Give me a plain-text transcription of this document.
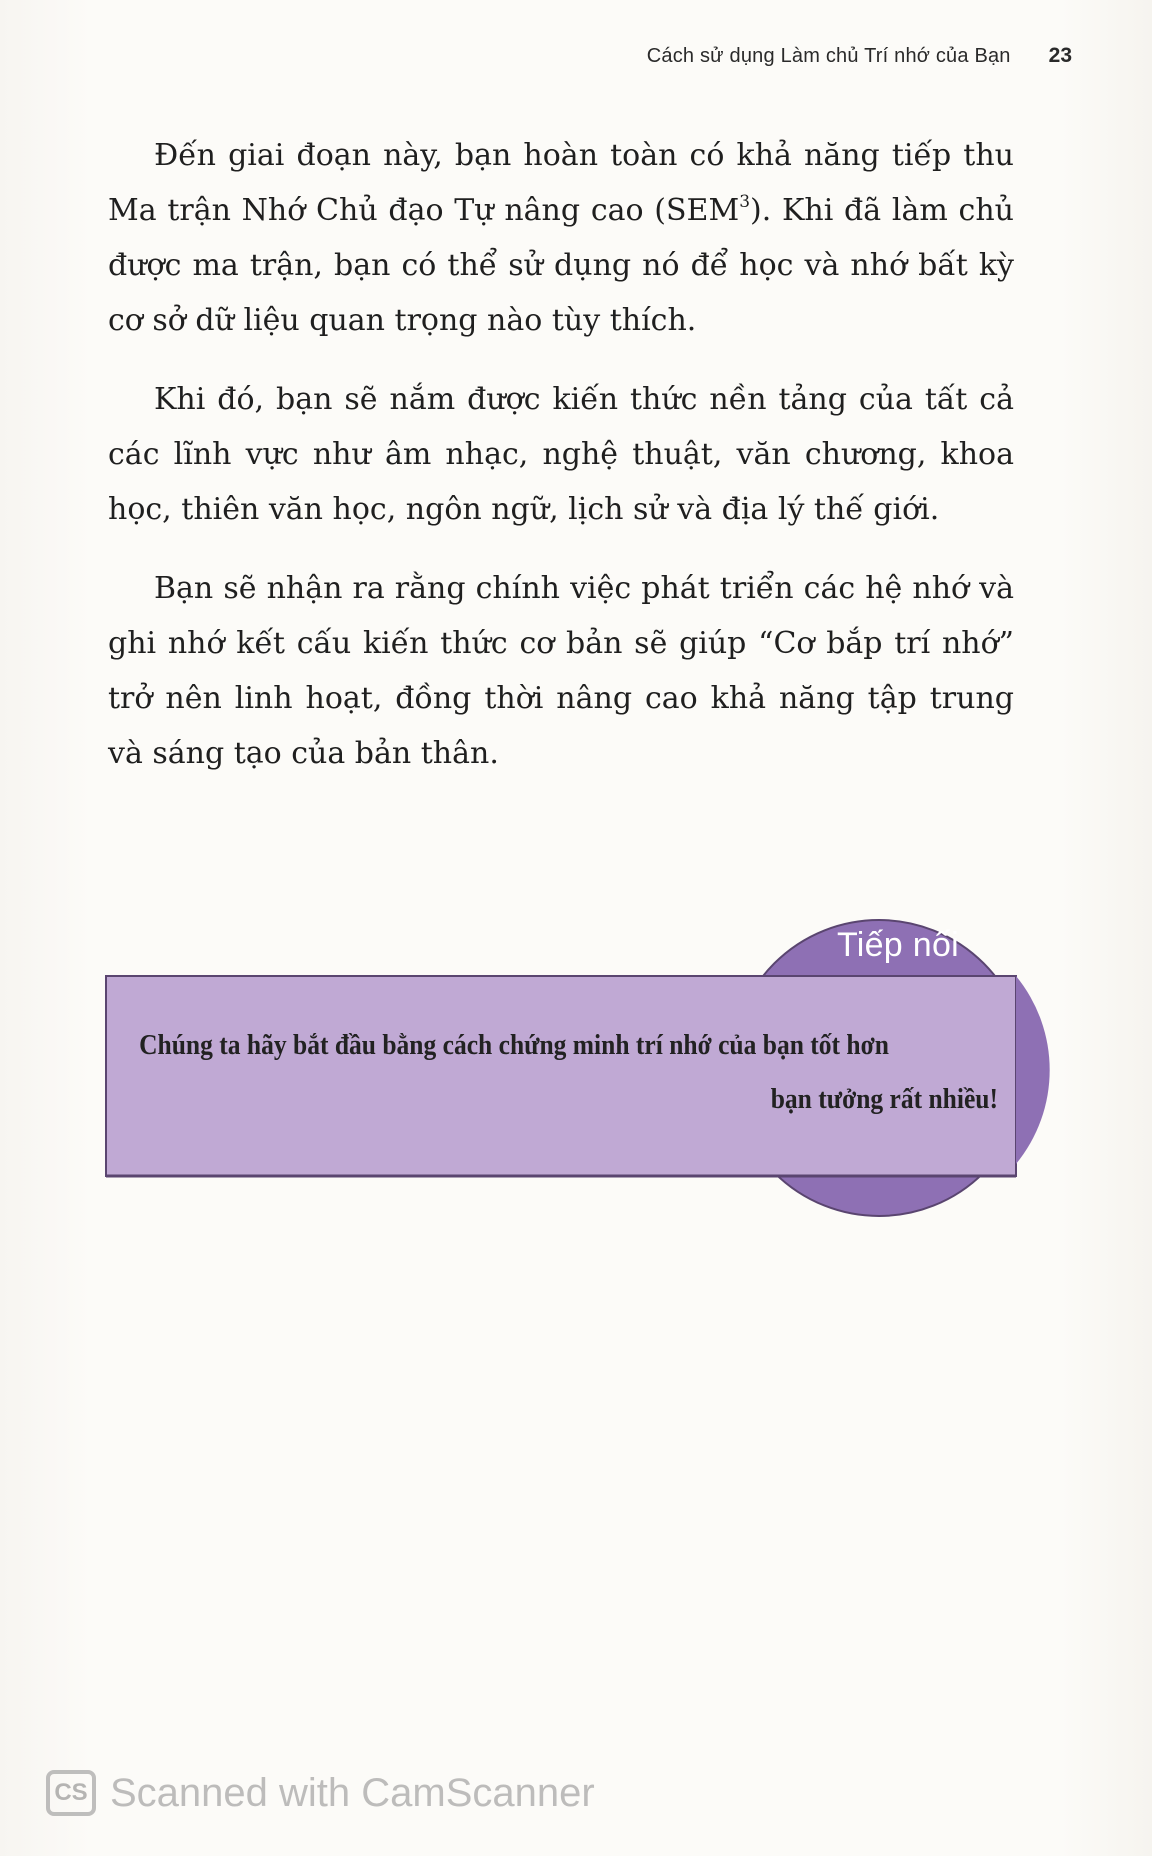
Cách sử dụng Làm chủ Trí nhớ của Bạn 23

Đến giai đoạn này, bạn hoàn toàn có khả năng tiếp thu Ma trận Nhớ Chủ đạo Tự nâng cao (SEM$^3$). Khi đã làm chủ được ma trận, bạn có thể sử dụng nó để học và nhớ bất kỳ cơ sở dữ liệu quan trọng nào tùy thích.

Khi đó, bạn sẽ nắm được kiến thức nền tảng của tất cả các lĩnh vực như âm nhạc, nghệ thuật, văn chương, khoa học, thiên văn học, ngôn ngữ, lịch sử và địa lý thế giới.

Bạn sẽ nhận ra rằng chính việc phát triển các hệ nhớ và ghi nhớ kết cấu kiến thức cơ bản sẽ giúp “Cơ bắp trí nhớ” trở nên linh hoạt, đồng thời nâng cao khả năng tập trung và sáng tạo của bản thân.

Tiếp nối
Chúng ta hãy bắt đầu bằng cách chứng minh trí nhớ của bạn tốt hơn
bạn tưởng rất nhiều!
CS Scanned with CamScanner
